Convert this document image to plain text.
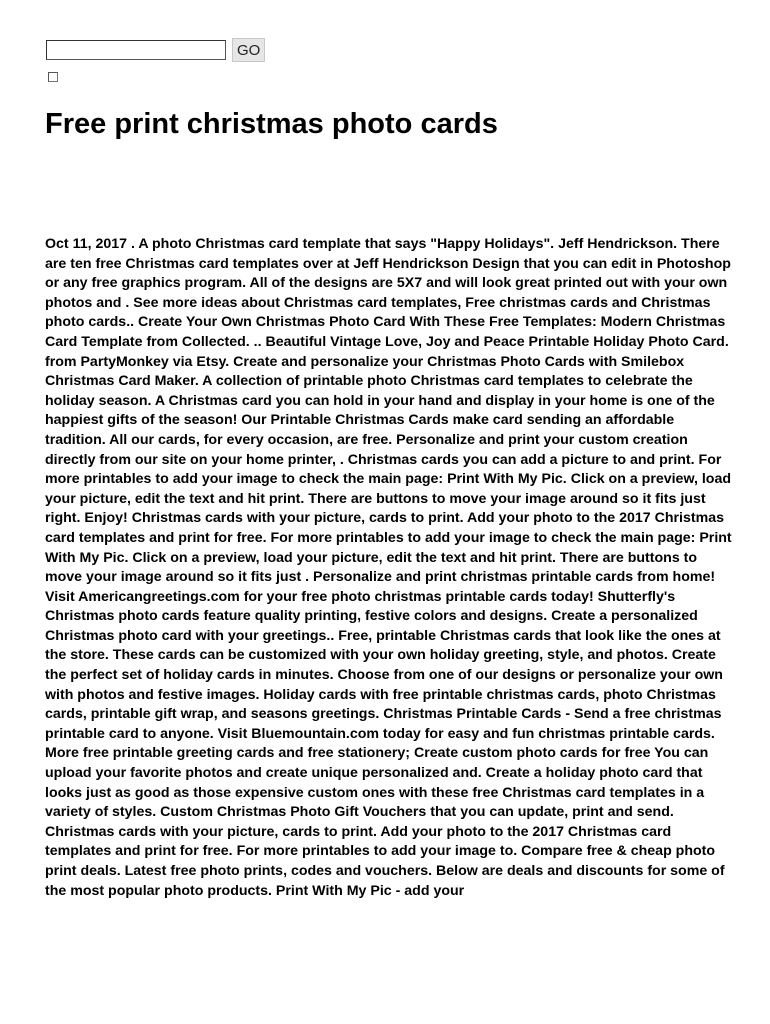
GO
Free print christmas photo cards

Oct 11, 2017 . A photo Christmas card template that says "Happy Holidays". Jeff Hendrickson. There are ten free Christmas card templates over at Jeff Hendrickson Design that you can edit in Photoshop or any free graphics program. All of the designs are 5X7 and will look great printed out with your own photos and . See more ideas about Christmas card templates, Free christmas cards and Christmas photo cards.. Create Your Own Christmas Photo Card With These Free Templates: Modern Christmas Card Template from Collected. .. Beautiful Vintage Love, Joy and Peace Printable Holiday Photo Card. from PartyMonkey via Etsy. Create and personalize your Christmas Photo Cards with Smilebox Christmas Card Maker. A collection of printable photo Christmas card templates to celebrate the holiday season. A Christmas card you can hold in your hand and display in your home is one of the happiest gifts of the season! Our Printable Christmas Cards make card sending an affordable tradition. All our cards, for every occasion, are free. Personalize and print your custom creation directly from our site on your home printer, . Christmas cards you can add a picture to and print. For more printables to add your image to check the main page: Print With My Pic. Click on a preview, load your picture, edit the text and hit print. There are buttons to move your image around so it fits just right. Enjoy! Christmas cards with your picture, cards to print. Add your photo to the 2017 Christmas card templates and print for free. For more printables to add your image to check the main page: Print With My Pic. Click on a preview, load your picture, edit the text and hit print. There are buttons to move your image around so it fits just . Personalize and print christmas printable cards from home! Visit Americangreetings.com for your free photo christmas printable cards today! Shutterfly's Christmas photo cards feature quality printing, festive colors and designs. Create a personalized Christmas photo card with your greetings.. Free, printable Christmas cards that look like the ones at the store. These cards can be customized with your own holiday greeting, style, and photos. Create the perfect set of holiday cards in minutes. Choose from one of our designs or personalize your own with photos and festive images. Holiday cards with free printable christmas cards, photo Christmas cards, printable gift wrap, and seasons greetings. Christmas Printable Cards - Send a free christmas printable card to anyone. Visit Bluemountain.com today for easy and fun christmas printable cards. More free printable greeting cards and free stationery; Create custom photo cards for free You can upload your favorite photos and create unique personalized and. Create a holiday photo card that looks just as good as those expensive custom ones with these free Christmas card templates in a variety of styles. Custom Christmas Photo Gift Vouchers that you can update, print and send. Christmas cards with your picture, cards to print. Add your photo to the 2017 Christmas card templates and print for free. For more printables to add your image to. Compare free & cheap photo print deals. Latest free photo prints, codes and vouchers. Below are deals and discounts for some of the most popular photo products. Print With My Pic - add your
